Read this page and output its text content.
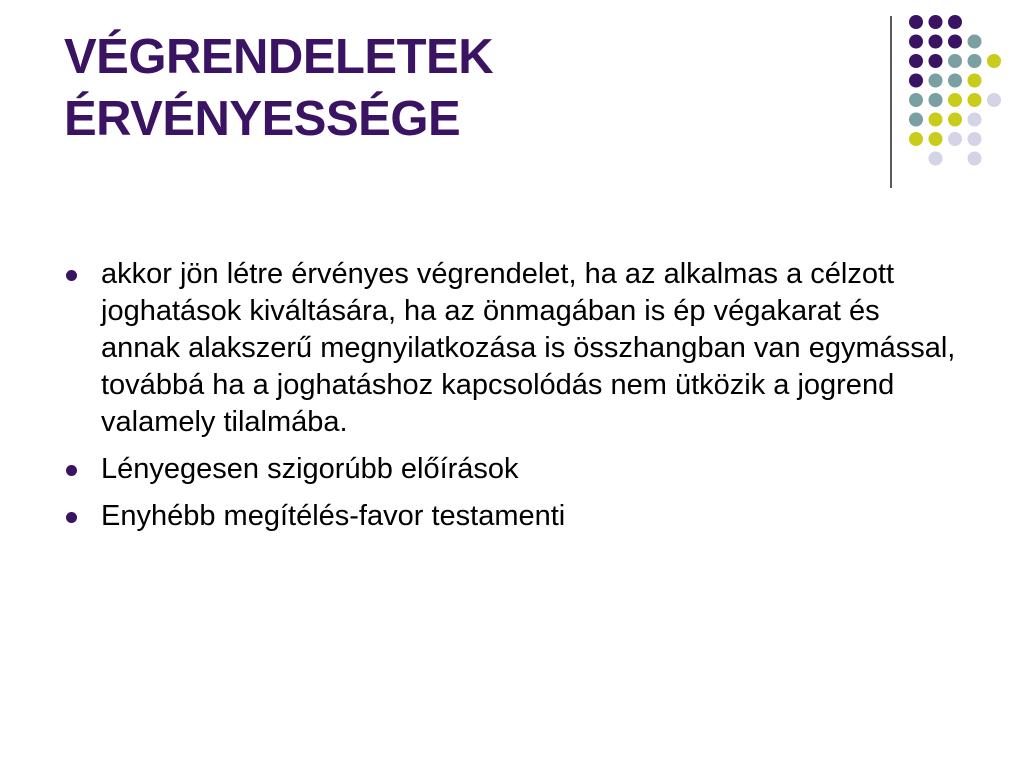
VÉGRENDELETEK
ÉRVÉNYESSÉGE
akkor jön létre érvényes végrendelet, ha az alkalmas a célzott joghatások kiváltására, ha az önmagában is ép végakarat és annak alakszerű megnyilatkozása is összhangban van egymással, továbbá ha a joghatáshoz kapcsolódás nem ütközik a jogrend valamely tilalmába.
Lényegesen szigorúbb előírások
Enyhébb megítélés-favor testamenti
